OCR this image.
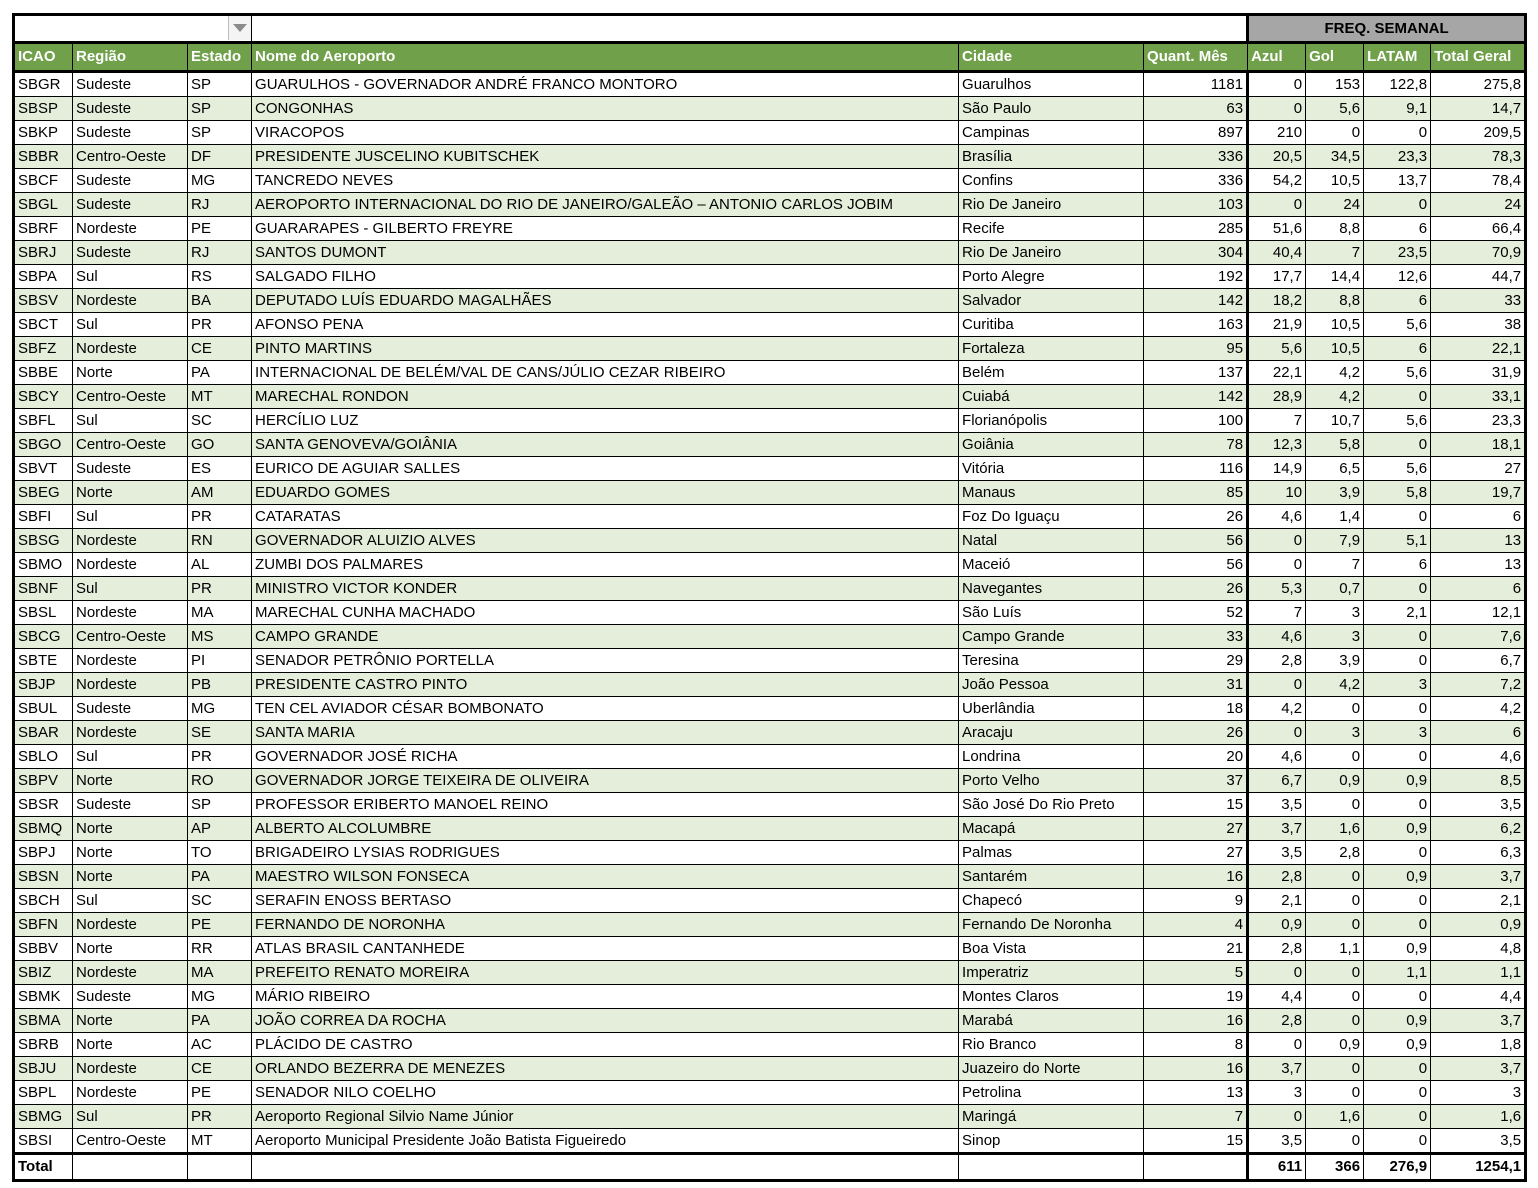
						FREQ. SEMANAL			
ICAO	Região	Estado	Nome do Aeroporto	Cidade	Quant. Mês	Azul	Gol	LATAM	Total Geral
SBGR	Sudeste	SP	GUARULHOS - GOVERNADOR ANDRÉ FRANCO MONTORO	Guarulhos	1181	0	153	122,8	275,8
SBSP	Sudeste	SP	CONGONHAS	São Paulo	63	0	5,6	9,1	14,7
SBKP	Sudeste	SP	VIRACOPOS	Campinas	897	210	0	0	209,5
SBBR	Centro-Oeste	DF	PRESIDENTE JUSCELINO KUBITSCHEK	Brasília	336	20,5	34,5	23,3	78,3
SBCF	Sudeste	MG	TANCREDO NEVES	Confins	336	54,2	10,5	13,7	78,4
SBGL	Sudeste	RJ	AEROPORTO INTERNACIONAL DO RIO DE JANEIRO/GALEÃO – ANTONIO CARLOS JOBIM	Rio De Janeiro	103	0	24	0	24
SBRF	Nordeste	PE	GUARARAPES - GILBERTO FREYRE	Recife	285	51,6	8,8	6	66,4
SBRJ	Sudeste	RJ	SANTOS DUMONT	Rio De Janeiro	304	40,4	7	23,5	70,9
SBPA	Sul	RS	SALGADO FILHO	Porto Alegre	192	17,7	14,4	12,6	44,7
SBSV	Nordeste	BA	DEPUTADO LUÍS EDUARDO MAGALHÃES	Salvador	142	18,2	8,8	6	33
SBCT	Sul	PR	AFONSO PENA	Curitiba	163	21,9	10,5	5,6	38
SBFZ	Nordeste	CE	PINTO MARTINS	Fortaleza	95	5,6	10,5	6	22,1
SBBE	Norte	PA	INTERNACIONAL DE BELÉM/VAL DE CANS/JÚLIO CEZAR RIBEIRO	Belém	137	22,1	4,2	5,6	31,9
SBCY	Centro-Oeste	MT	MARECHAL RONDON	Cuiabá	142	28,9	4,2	0	33,1
SBFL	Sul	SC	HERCÍLIO LUZ	Florianópolis	100	7	10,7	5,6	23,3
SBGO	Centro-Oeste	GO	SANTA GENOVEVA/GOIÂNIA	Goiânia	78	12,3	5,8	0	18,1
SBVT	Sudeste	ES	EURICO DE AGUIAR SALLES	Vitória	116	14,9	6,5	5,6	27
SBEG	Norte	AM	EDUARDO GOMES	Manaus	85	10	3,9	5,8	19,7
SBFI	Sul	PR	CATARATAS	Foz Do Iguaçu	26	4,6	1,4	0	6
SBSG	Nordeste	RN	GOVERNADOR ALUIZIO ALVES	Natal	56	0	7,9	5,1	13
SBMO	Nordeste	AL	ZUMBI DOS PALMARES	Maceió	56	0	7	6	13
SBNF	Sul	PR	MINISTRO VICTOR KONDER	Navegantes	26	5,3	0,7	0	6
SBSL	Nordeste	MA	MARECHAL CUNHA MACHADO	São Luís	52	7	3	2,1	12,1
SBCG	Centro-Oeste	MS	CAMPO GRANDE	Campo Grande	33	4,6	3	0	7,6
SBTE	Nordeste	PI	SENADOR PETRÔNIO PORTELLA	Teresina	29	2,8	3,9	0	6,7
SBJP	Nordeste	PB	PRESIDENTE CASTRO PINTO	João Pessoa	31	0	4,2	3	7,2
SBUL	Sudeste	MG	TEN CEL AVIADOR CÉSAR BOMBONATO	Uberlândia	18	4,2	0	0	4,2
SBAR	Nordeste	SE	SANTA MARIA	Aracaju	26	0	3	3	6
SBLO	Sul	PR	GOVERNADOR JOSÉ RICHA	Londrina	20	4,6	0	0	4,6
SBPV	Norte	RO	GOVERNADOR JORGE TEIXEIRA DE OLIVEIRA	Porto Velho	37	6,7	0,9	0,9	8,5
SBSR	Sudeste	SP	PROFESSOR ERIBERTO MANOEL REINO	São José Do Rio Preto	15	3,5	0	0	3,5
SBMQ	Norte	AP	ALBERTO ALCOLUMBRE	Macapá	27	3,7	1,6	0,9	6,2
SBPJ	Norte	TO	BRIGADEIRO LYSIAS RODRIGUES	Palmas	27	3,5	2,8	0	6,3
SBSN	Norte	PA	MAESTRO WILSON FONSECA	Santarém	16	2,8	0	0,9	3,7
SBCH	Sul	SC	SERAFIN ENOSS BERTASO	Chapecó	9	2,1	0	0	2,1
SBFN	Nordeste	PE	FERNANDO DE NORONHA	Fernando De Noronha	4	0,9	0	0	0,9
SBBV	Norte	RR	ATLAS BRASIL CANTANHEDE	Boa Vista	21	2,8	1,1	0,9	4,8
SBIZ	Nordeste	MA	PREFEITO RENATO MOREIRA	Imperatriz	5	0	0	1,1	1,1
SBMK	Sudeste	MG	MÁRIO RIBEIRO	Montes Claros	19	4,4	0	0	4,4
SBMA	Norte	PA	JOÃO CORREA DA ROCHA	Marabá	16	2,8	0	0,9	3,7
SBRB	Norte	AC	PLÁCIDO DE CASTRO	Rio Branco	8	0	0,9	0,9	1,8
SBJU	Nordeste	CE	ORLANDO BEZERRA DE MENEZES	Juazeiro do Norte	16	3,7	0	0	3,7
SBPL	Nordeste	PE	SENADOR NILO COELHO	Petrolina	13	3	0	0	3
SBMG	Sul	PR	Aeroporto Regional Silvio Name Júnior	Maringá	7	0	1,6	0	1,6
SBSI	Centro-Oeste	MT	Aeroporto Municipal Presidente João Batista Figueiredo	Sinop	15	3,5	0	0	3,5
Total						611	366	276,9	1254,1
